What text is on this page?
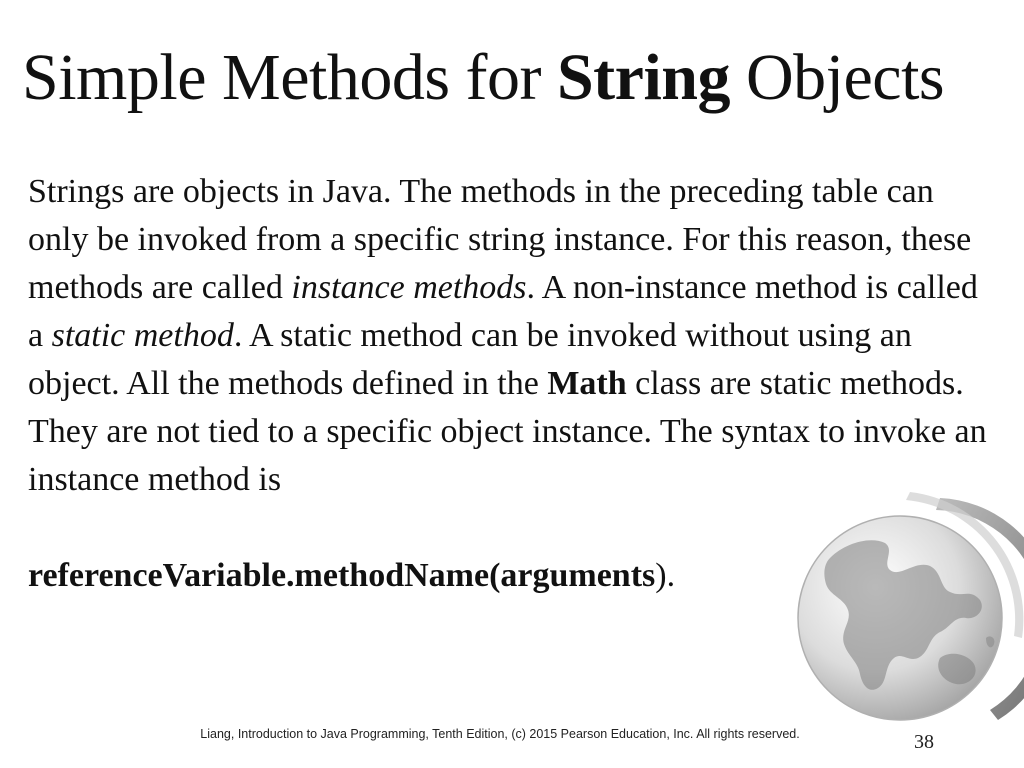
Simple Methods for String Objects

Strings are objects in Java. The methods in the preceding table can only be invoked from a specific string instance. For this reason, these methods are called instance methods. A non-instance method is called a static method. A static method can be invoked without using an object. All the methods defined in the Math class are static methods. They are not tied to a specific object instance. The syntax to invoke an instance method is

referenceVariable.methodName(arguments).

Liang, Introduction to Java Programming, Tenth Edition, (c) 2015 Pearson Education, Inc. All rights reserved.	38
